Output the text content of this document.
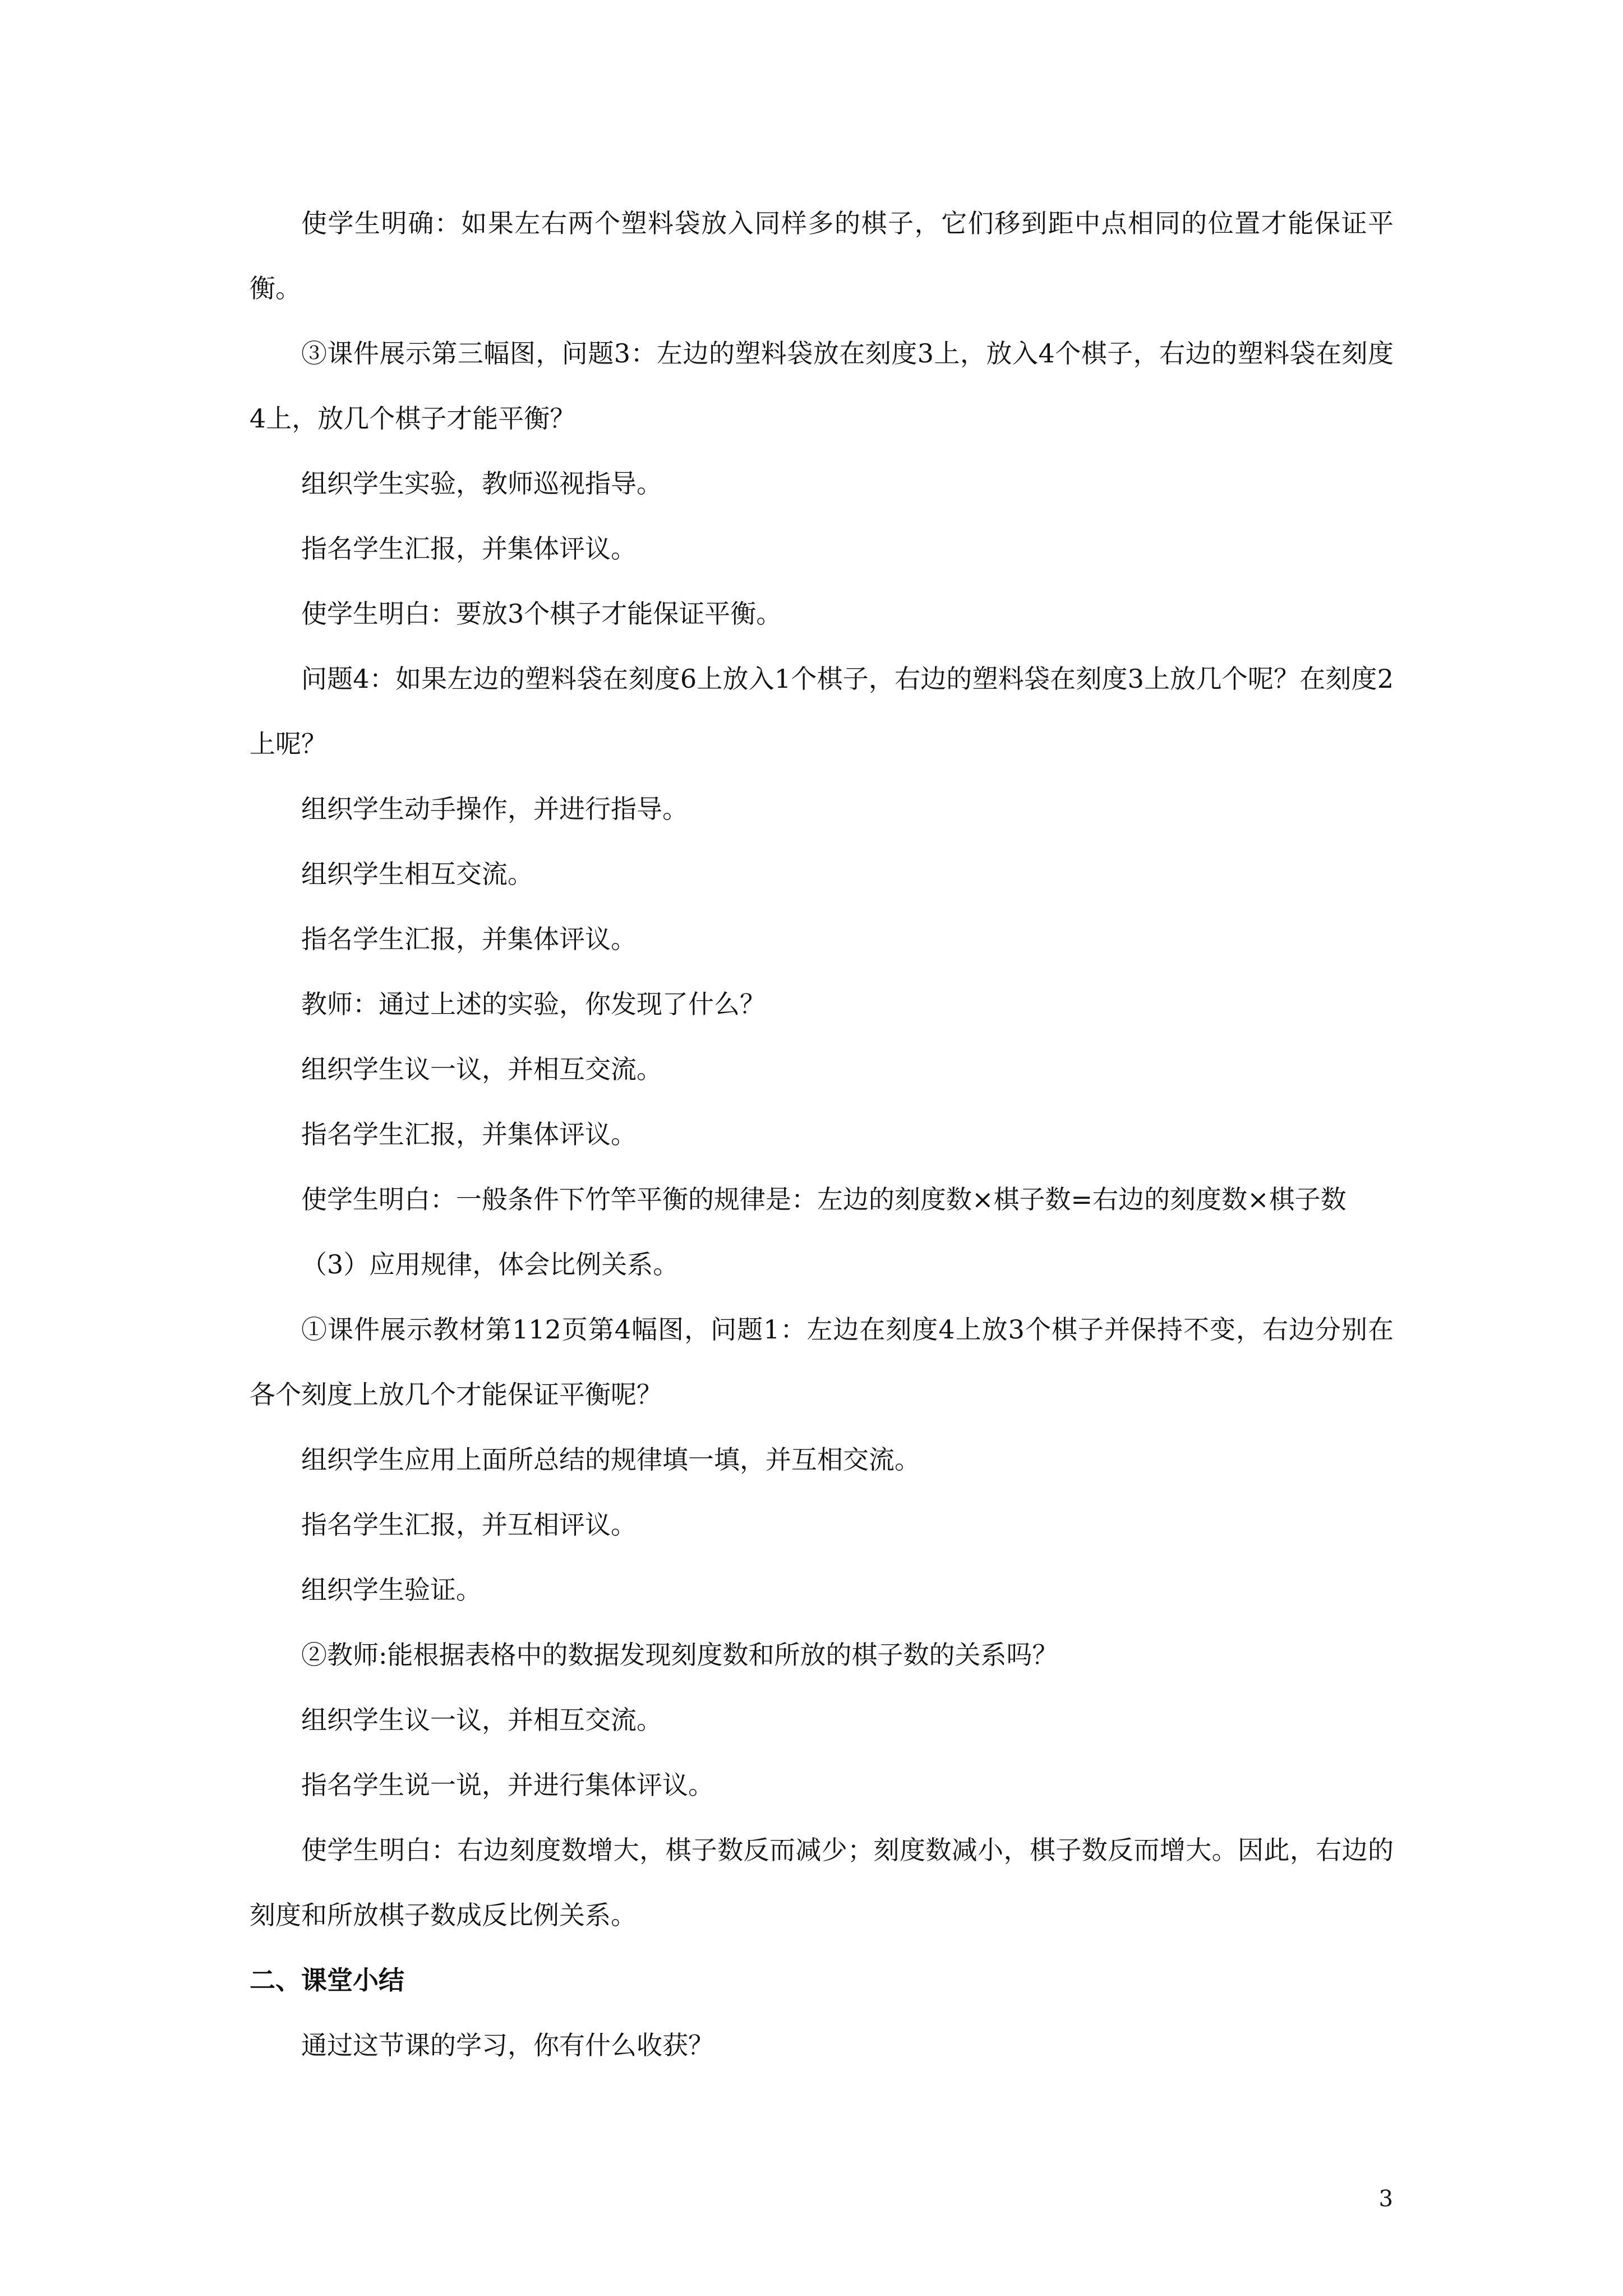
使学生明确：如果左右两个塑料袋放入同样多的棋子，它们移到距中点相同的位置才能保证平衡。

③课件展示第三幅图，问题3：左边的塑料袋放在刻度3上，放入4个棋子，右边的塑料袋在刻度4上，放几个棋子才能平衡？

组织学生实验，教师巡视指导。

指名学生汇报，并集体评议。

使学生明白：要放3个棋子才能保证平衡。

问题4：如果左边的塑料袋在刻度6上放入1个棋子，右边的塑料袋在刻度3上放几个呢？在刻度2上呢？

组织学生动手操作，并进行指导。

组织学生相互交流。

指名学生汇报，并集体评议。

教师：通过上述的实验，你发现了什么？

组织学生议一议，并相互交流。

指名学生汇报，并集体评议。

使学生明白：一般条件下竹竿平衡的规律是：左边的刻度数×棋子数=右边的刻度数×棋子数

（3）应用规律，体会比例关系。

①课件展示教材第112页第4幅图，问题1：左边在刻度4上放3个棋子并保持不变，右边分别在各个刻度上放几个才能保证平衡呢？

组织学生应用上面所总结的规律填一填，并互相交流。

指名学生汇报，并互相评议。

组织学生验证。

②教师:能根据表格中的数据发现刻度数和所放的棋子数的关系吗？

组织学生议一议，并相互交流。

指名学生说一说，并进行集体评议。

使学生明白：右边刻度数增大，棋子数反而减少；刻度数减小，棋子数反而增大。因此，右边的刻度和所放棋子数成反比例关系。

二、课堂小结

通过这节课的学习，你有什么收获？

3
